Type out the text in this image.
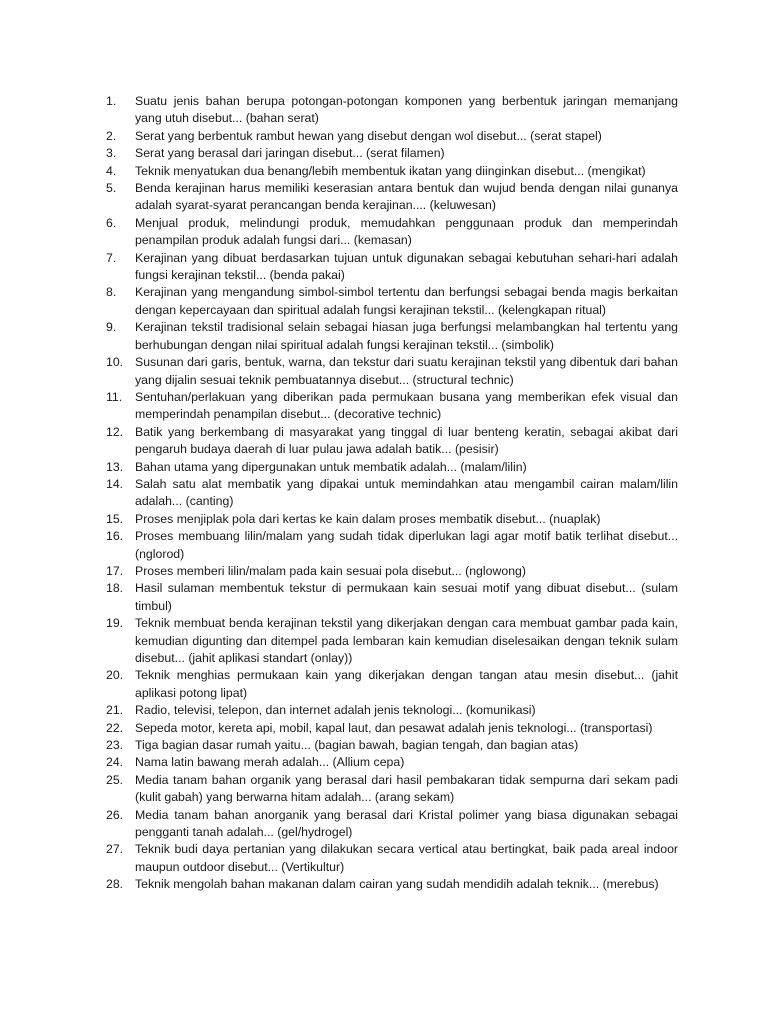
1.	Suatu jenis bahan berupa potongan-potongan komponen yang berbentuk jaringan memanjang yang utuh disebut... (bahan serat)
2.	Serat yang berbentuk rambut hewan yang disebut dengan wol disebut... (serat stapel)
3.	Serat yang berasal dari jaringan disebut... (serat filamen)
4.	Teknik menyatukan dua benang/lebih membentuk ikatan yang diinginkan disebut... (mengikat)
5.	Benda kerajinan harus memiliki keserasian antara bentuk dan wujud benda dengan nilai gunanya adalah syarat-syarat perancangan benda kerajinan.... (keluwesan)
6.	Menjual produk, melindungi produk, memudahkan penggunaan produk dan memperindah penampilan produk adalah fungsi dari... (kemasan)
7.	Kerajinan yang dibuat berdasarkan tujuan untuk digunakan sebagai kebutuhan sehari-hari adalah fungsi kerajinan tekstil... (benda pakai)
8.	Kerajinan yang mengandung simbol-simbol tertentu dan berfungsi sebagai benda magis berkaitan dengan kepercayaan dan spiritual adalah fungsi kerajinan tekstil... (kelengkapan ritual)
9.	Kerajinan tekstil tradisional selain sebagai hiasan juga berfungsi melambangkan hal tertentu yang berhubungan dengan nilai spiritual adalah fungsi kerajinan tekstil... (simbolik)
10. Susunan dari garis, bentuk, warna, dan tekstur dari suatu kerajinan tekstil yang dibentuk dari bahan yang dijalin sesuai teknik pembuatannya disebut... (structural technic)
11.	Sentuhan/perlakuan yang diberikan pada permukaan busana yang memberikan efek visual dan memperindah penampilan disebut... (decorative technic)
12. Batik yang berkembang di masyarakat yang tinggal di luar benteng keratin, sebagai akibat dari pengaruh budaya daerah di luar pulau jawa adalah batik... (pesisir)
13. Bahan utama yang dipergunakan untuk membatik adalah... (malam/lilin)
14. Salah satu alat membatik yang dipakai untuk memindahkan atau mengambil cairan malam/lilin adalah... (canting)
15. Proses menjiplak pola dari kertas ke kain dalam proses membatik disebut... (nuaplak)
16. Proses membuang lilin/malam yang sudah tidak diperlukan lagi agar motif batik terlihat disebut... (nglorod)
17. Proses memberi lilin/malam pada kain sesuai pola disebut... (nglowong)
18. Hasil sulaman membentuk tekstur di permukaan kain sesuai motif yang dibuat disebut... (sulam timbul)
19. Teknik membuat benda kerajinan tekstil yang dikerjakan dengan cara membuat gambar pada kain, kemudian digunting dan ditempel pada lembaran kain kemudian diselesaikan dengan teknik sulam disebut... (jahit aplikasi standart (onlay))
20. Teknik menghias permukaan kain yang dikerjakan dengan tangan atau mesin disebut... (jahit aplikasi potong lipat)
21. Radio, televisi, telepon, dan internet adalah jenis teknologi... (komunikasi)
22. Sepeda motor, kereta api, mobil, kapal laut, dan pesawat adalah jenis teknologi... (transportasi)
23. Tiga bagian dasar rumah yaitu... (bagian bawah, bagian tengah, dan bagian atas)
24. Nama latin bawang merah adalah... (Allium cepa)
25. Media tanam bahan organik yang berasal dari hasil pembakaran tidak sempurna dari sekam padi (kulit gabah) yang berwarna hitam adalah... (arang sekam)
26. Media tanam bahan anorganik yang berasal dari Kristal polimer yang biasa digunakan sebagai pengganti tanah adalah... (gel/hydrogel)
27. Teknik budi daya pertanian yang dilakukan secara vertical atau bertingkat, baik pada areal indoor maupun outdoor disebut... (Vertikultur)
28. Teknik mengolah bahan makanan dalam cairan yang sudah mendidih adalah teknik... (merebus)
